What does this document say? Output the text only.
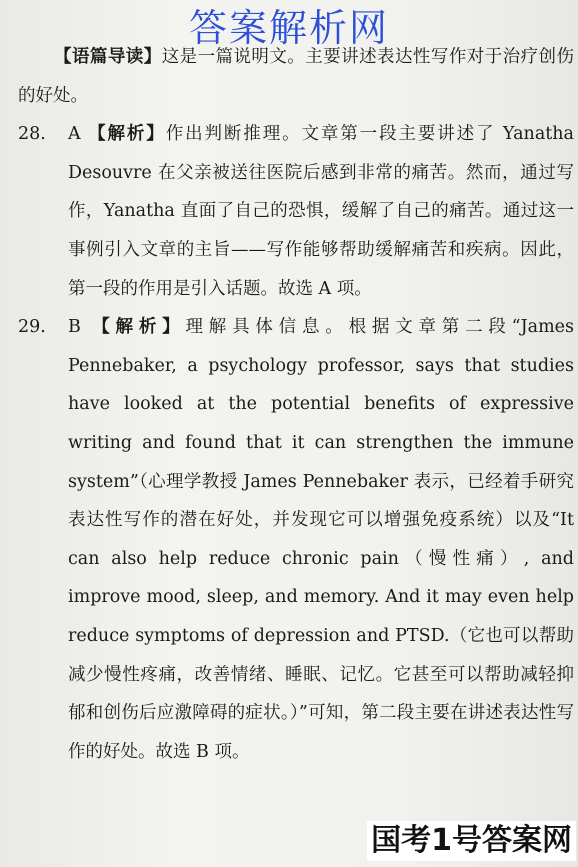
答案解析网

【语篇导读】这是一篇说明文。主要讲述表达性写作对于治疗创伤的好处。

28.	A 【解析】作出判断推理。文章第一段主要讲述了 Yanatha Desouvre 在父亲被送往医院后感到非常的痛苦。然而，通过写作，Yanatha 直面了自己的恐惧，缓解了自己的痛苦。通过这一事例引入文章的主旨——写作能够帮助缓解痛苦和疾病。因此，第一段的作用是引入话题。故选 A 项。
29.	B 【解析】理解具体信息。根据文章第二段“James Pennebaker, a psychology professor, says that studies have looked at the potential benefits of expressive writing and found that it can strengthen the immune system”（心理学教授 James Pennebaker 表示，已经着手研究表达性写作的潜在好处，并发现它可以增强免疫系统）以及“It can also help reduce chronic pain（慢性痛）, and improve mood, sleep, and memory. And it may even help reduce symptoms of depression and PTSD.（它也可以帮助减少慢性疼痛，改善情绪、睡眠、记忆。它甚至可以帮助减轻抑郁和创伤后应激障碍的症状。）”可知，第二段主要在讲述表达性写作的好处。故选 B 项。
国考1号答案网
